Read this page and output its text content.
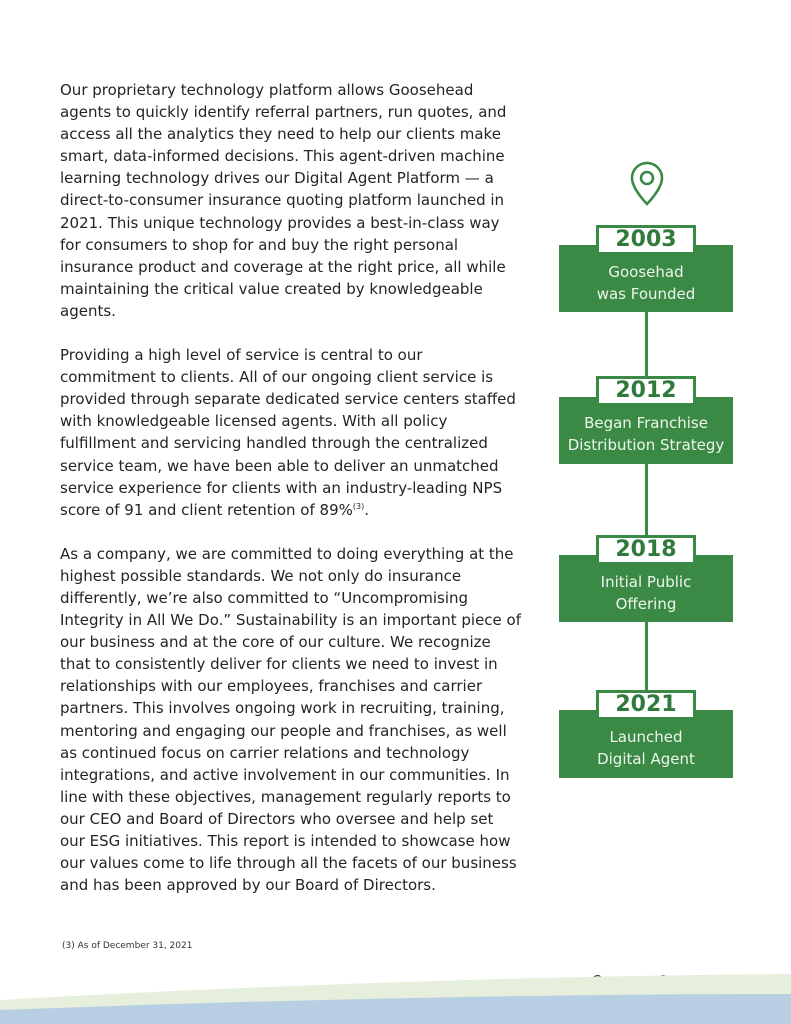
Our proprietary technology platform allows Goosehead agents to quickly identify referral partners, run quotes, and access all the analytics they need to help our clients make smart, data-informed decisions. This agent-driven machine learning technology drives our Digital Agent Platform — a direct-to-consumer insurance quoting platform launched in 2021. This unique technology provides a best-in-class way for consumers to shop for and buy the right personal insurance product and coverage at the right price, all while maintaining the critical value created by knowledgeable agents.

Providing a high level of service is central to our commitment to clients. All of our ongoing client service is provided through separate dedicated service centers staffed with knowledgeable licensed agents. With all policy fulfillment and servicing handled through the centralized service team, we have been able to deliver an unmatched service experience for clients with an industry-leading NPS score of 91 and client retention of 89%$^{(3)}$.

As a company, we are committed to doing everything at the highest possible standards. We not only do insurance differently, we’re also committed to “Uncompromising Integrity in All We Do.” Sustainability is an important piece of our business and at the core of our culture. We recognize that to consistently deliver for clients we need to invest in relationships with our employees, franchises and carrier partners. This involves ongoing work in recruiting, training, mentoring and engaging our people and franchises, as well as continued focus on carrier relations and technology integrations, and active involvement in our communities. In line with these objectives, management regularly reports to our CEO and Board of Directors who oversee and help set our ESG initiatives. This report is intended to showcase how our values come to life through all the facets of our business and has been approved by our Board of Directors.

(3) As of December 31, 2021
Goosehad
was Founded
2003
Began Franchise
Distribution Strategy
2012
Initial Public
Offering
2018
Launched
Digital Agent
2021
